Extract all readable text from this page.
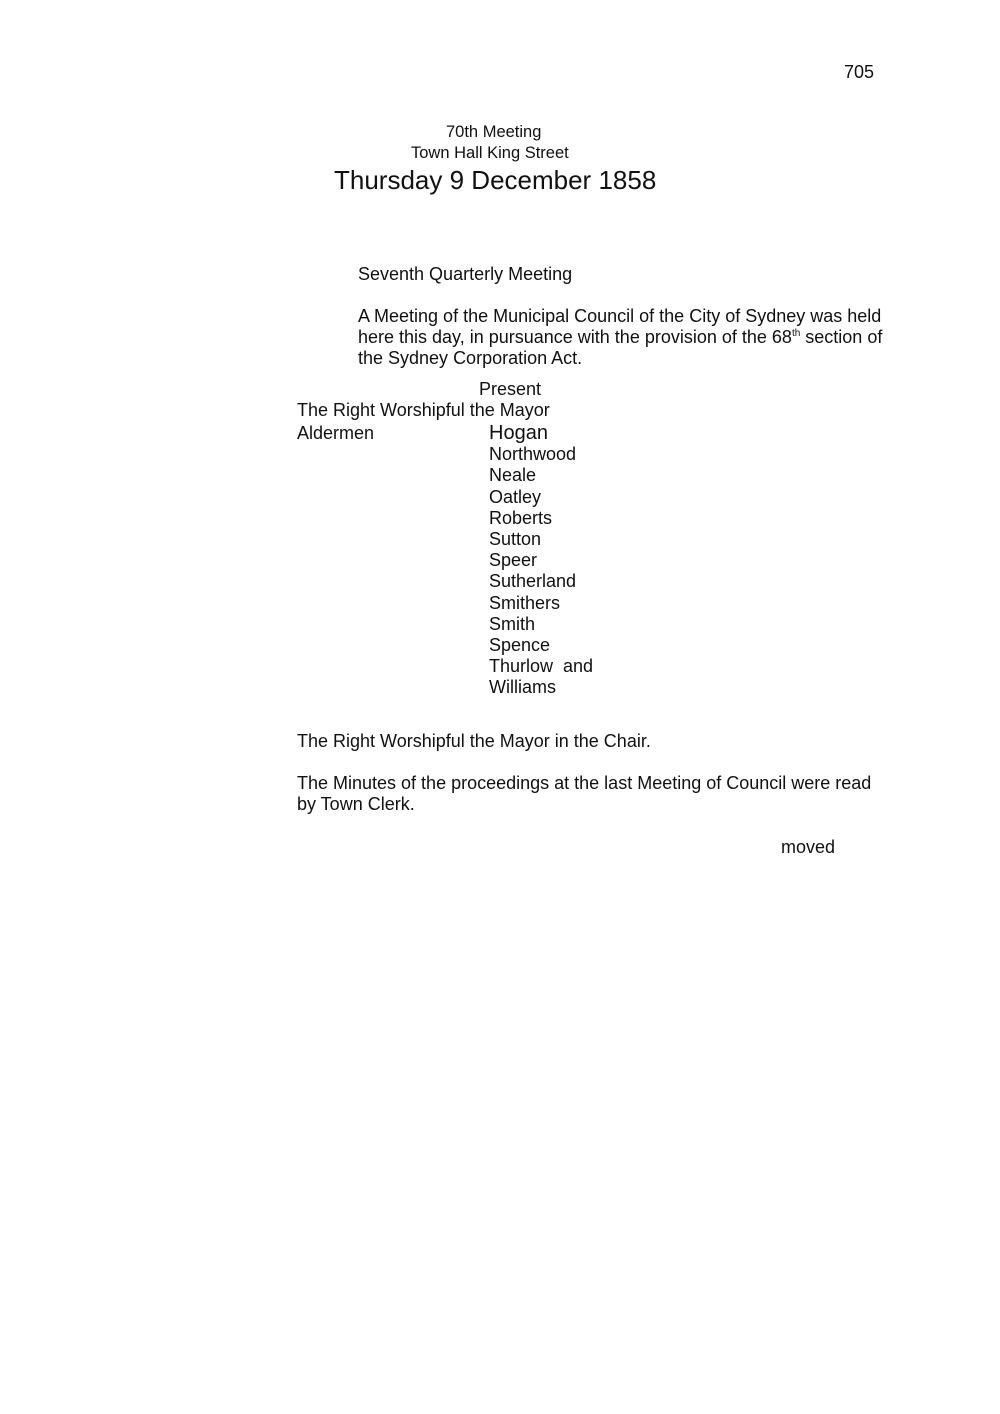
705
70th Meeting
Town Hall King Street
Thursday 9 December 1858
Seventh Quarterly Meeting
A Meeting of the Municipal Council of the City of Sydney was held
here this day, in pursuance with the provision of the 68th section of
the Sydney Corporation Act.
Present
The Right Worshipful the Mayor
Aldermen	Hogan
Northwood
Neale
Oatley
Roberts
Sutton
Speer
Sutherland
Smithers
Smith
Spence
Thurlow  and
Williams
The Right Worshipful the Mayor in the Chair.
The Minutes of the proceedings at the last Meeting of Council were read
by Town Clerk.
moved
